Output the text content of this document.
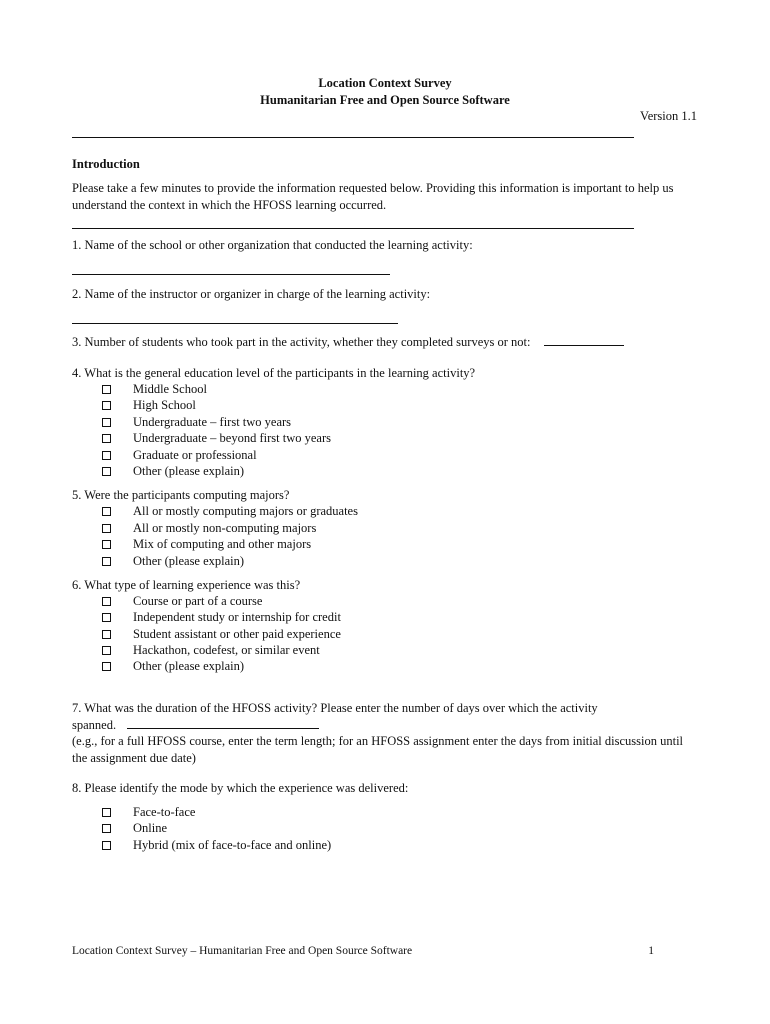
Location Context Survey
Humanitarian Free and Open Source Software
Version 1.1
Introduction
Please take a few minutes to provide the information requested below. Providing this information is important to help us understand the context in which the HFOSS learning occurred.
1. Name of the school or other organization that conducted the learning activity:
2. Name of the instructor or organizer in charge of the learning activity:
3. Number of students who took part in the activity, whether they completed surveys or not:
4. What is the general education level of the participants in the learning activity?
Middle School
High School
Undergraduate – first two years
Undergraduate – beyond first two years
Graduate or professional
Other (please explain)
5. Were the participants computing majors?
All or mostly computing majors or graduates
All or mostly non-computing majors
Mix of computing and other majors
Other (please explain)
6. What type of learning experience was this?
Course or part of a course
Independent study or internship for credit
Student assistant or other paid experience
Hackathon, codefest, or similar event
Other (please explain)
7. What was the duration of the HFOSS activity? Please enter the number of days over which the activity
spanned.
(e.g., for a full HFOSS course, enter the term length; for an HFOSS assignment enter the days from initial discussion until the assignment due date)
8. Please identify the mode by which the experience was delivered:
Face-to-face
Online
Hybrid (mix of face-to-face and online)
Location Context Survey – Humanitarian Free and Open Source Software	1
